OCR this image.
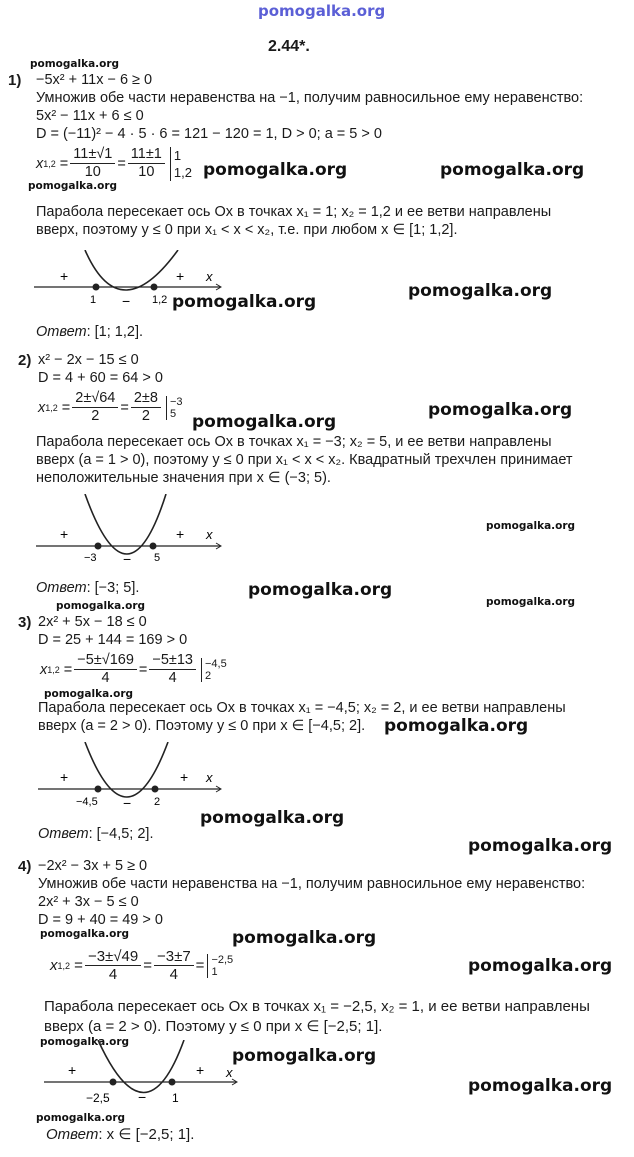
pomogalka.org
2.44*.
pomogalka.org
1) −5x² + 11x − 6 ≥ 0
Умножив обе части неравенства на −1, получим равносильное ему неравенство:
5x² − 11x + 6 ≤ 0
D = (−11)² − 4 · 5 · 6 = 121 − 120 = 1, D > 0; a = 5 > 0
x $1,2 = \frac{11\pm√1}{10} = \frac{11\pm 1}{10} 1$
1,2
pomogalka.org
pomogalka.org	pomogalka.org
Парабола пересекает ось Ox в точках x₁ = 1; x₂ = 1,2 и ее ветви направлены
вверх, поэтому y ≤ 0 при x₁ < x < x₂, т.е. при любом x ∈ [1; 1,2].
+	+
−
x
1	1,2 pomogalka.org
pomogalka.org
Ответ: [1; 1,2].
2) x² − 2x − 15 ≤ 0
D = 4 + 60 = 64 > 0
x $1,2 = \frac{2\pm√64}{2} = \frac{2\pm 8}{2} -3$
5 pomogalka.org
pomogalka.org
Парабола пересекает ось Ox в точках x₁ = −3; x₂ = 5, и ее ветви направлены
вверх (a = 1 > 0), поэтому y ≤ 0 при x₁ < x < x₂. Квадратный трехчлен принимает
неположительные значения при x ∈ (−3; 5).
pomogalka.org
+	+
−
x
−3	5
Ответ: [−3; 5].	pomogalka.org
pomogalka.org
pomogalka.org
3) 2x² + 5x − 18 ≤ 0
D = 25 + 144 = 169 > 0
x $1,2 = \frac{-5\pm√169}{4} = \frac{-5\pm 13}{4} -4,5$
2
pomogalka.org
Парабола пересекает ось Ox в точках x₁ = −4,5; x₂ = 2, и ее ветви направлены
вверх (a = 2 > 0). Поэтому y ≤ 0 при x ∈ [−4,5; 2]. pomogalka.org
+	+
−
x
−4,5	2
pomogalka.org
Ответ: [−4,5; 2].
pomogalka.org
4) −2x² − 3x + 5 ≥ 0
Умножив обе части неравенства на −1, получим равносильное ему неравенство:
2x² + 3x − 5 ≤ 0
D = 9 + 40 = 49 > 0
pomogalka.org	pomogalka.org
x $1,2 = \frac{-3\pm√49}{4} = \frac{-3\pm 7}{4} = -2,5$
1	pomogalka.org
Парабола пересекает ось Ox в точках x₁ = −2,5, x₂ = 1, и ее ветви направлены
вверх (a = 2 > 0). Поэтому y ≤ 0 при x ∈ [−2,5; 1].
pomogalka.org
pomogalka.org
+	+
−
x
−2,5	1
pomogalka.org
pomogalka.org
Ответ: x ∈ [−2,5; 1].
